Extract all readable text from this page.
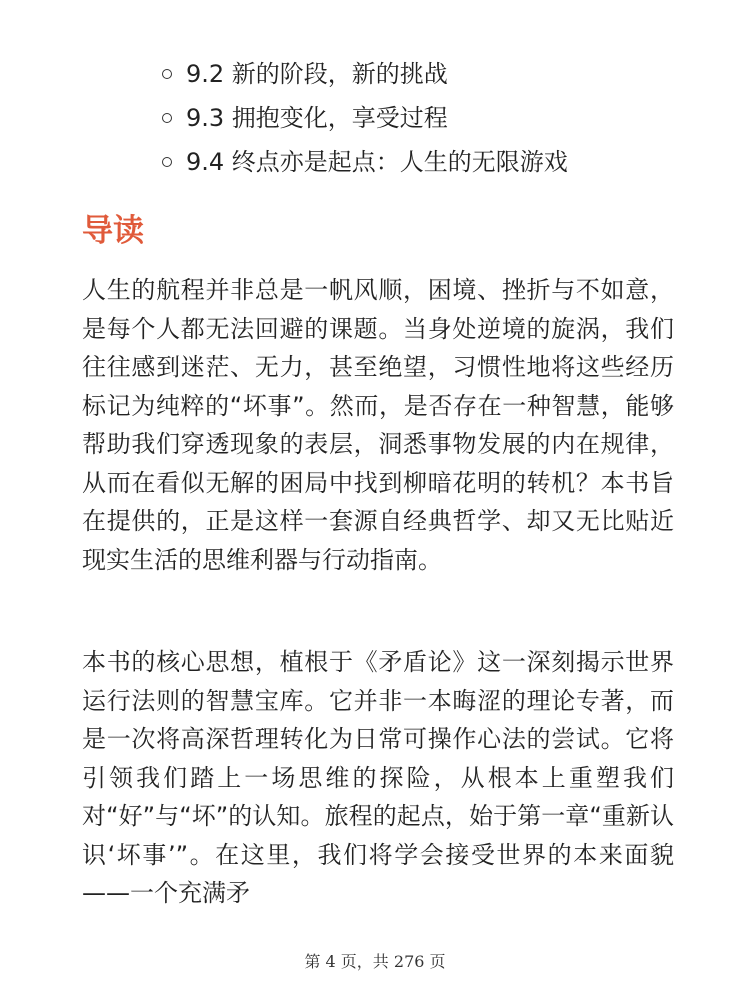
9.2 新的阶段，新的挑战
9.3 拥抱变化，享受过程
9.4 终点亦是起点：人生的无限游戏
导读

人生的航程并非总是一帆风顺，困境、挫折与不如意，是每个人都无法回避的课题。当身处逆境的旋涡，我们往往感到迷茫、无力，甚至绝望，习惯性地将这些经历标记为纯粹的“坏事”。然而，是否存在一种智慧，能够帮助我们穿透现象的表层，洞悉事物发展的内在规律，从而在看似无解的困局中找到柳暗花明的转机？本书旨在提供的，正是这样一套源自经典哲学、却又无比贴近现实生活的思维利器与行动指南。

本书的核心思想，植根于《矛盾论》这一深刻揭示世界运行法则的智慧宝库。它并非一本晦涩的理论专著，而是一次将高深哲理转化为日常可操作心法的尝试。它将引领我们踏上一场思维的探险，从根本上重塑我们对“好”与“坏”的认知。旅程的起点，始于第一章“重新认识‘坏事’”。在这里，我们将学会接受世界的本来面貌——一个充满矛

第 4 页，共 276 页
